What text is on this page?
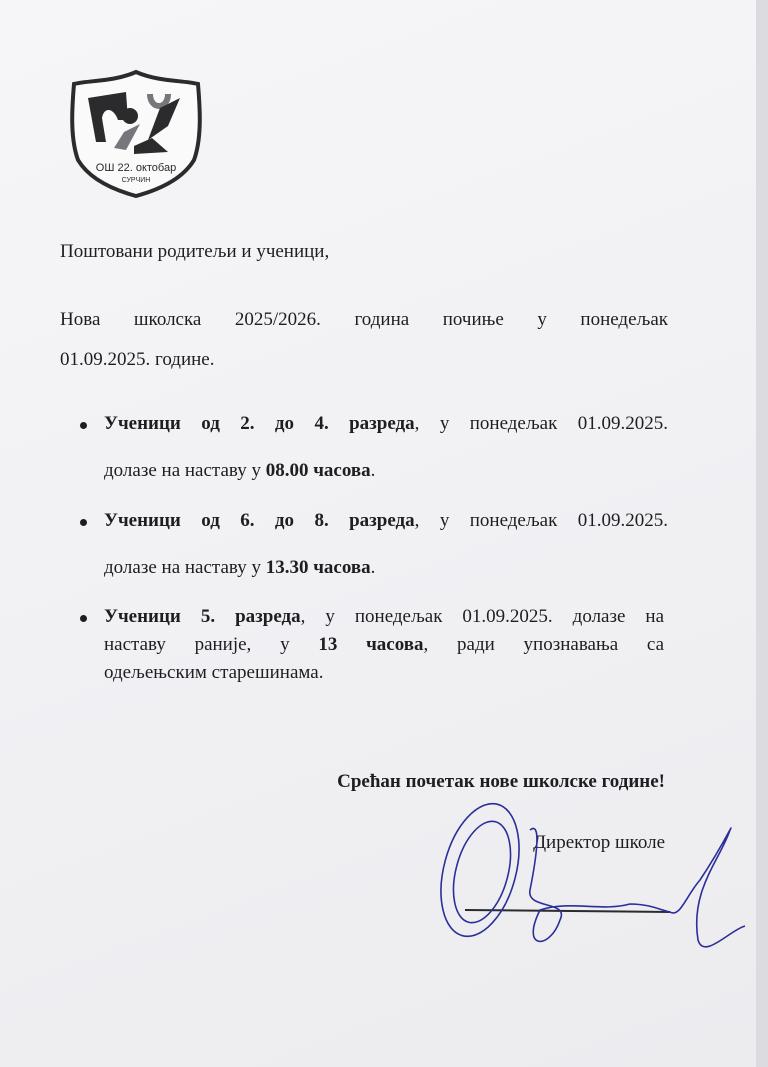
ОШ 22. октобар
СУРЧИН
Поштовани родитељи и ученици,
Нова школска 2025/2026. година почиње у понедељак
01.09.2025. године.
Ученици од 2. до 4. разреда, у понедељак 01.09.2025.
долазе на наставу у 08.00 часова.
Ученици од 6. до 8. разреда, у понедељак 01.09.2025.
долазе на наставу у 13.30 часова.
Ученици 5. разреда, у понедељак 01.09.2025. долазе на
наставу раније, у 13 часова, ради упознавања са
одељењским старешинама.
Срећан почетак нове школске године!
Директор школе
